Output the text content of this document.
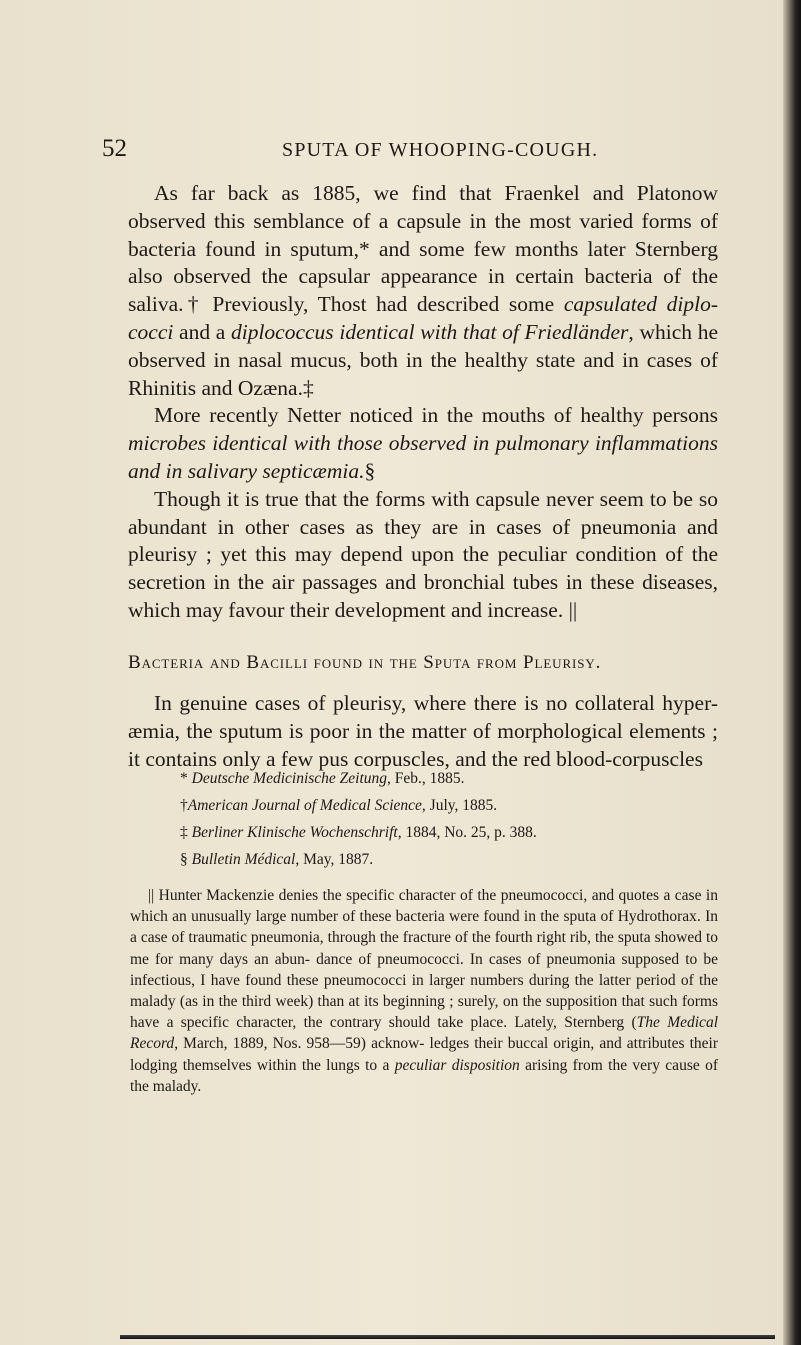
52	SPUTA OF WHOOPING-COUGH.

As far back as 1885, we find that Fraenkel and Platonow observed this semblance of a capsule in the most varied forms of bacteria found in sputum,* and some few months later Sternberg also observed the capsular appearance in certain bacteria of the saliva.† Previously, Thost had described some capsulated diplo- cocci and a diplococcus identical with that of Friedländer, which he observed in nasal mucus, both in the healthy state and in cases of Rhinitis and Ozæna.‡

More recently Netter noticed in the mouths of healthy persons microbes identical with those observed in pulmonary inflammations and in salivary septicæmia.§

Though it is true that the forms with capsule never seem to be so abundant in other cases as they are in cases of pneumonia and pleurisy ; yet this may depend upon the peculiar condition of the secretion in the air passages and bronchial tubes in these diseases, which may favour their development and increase. ||

Bacteria and Bacilli found in the Sputa from Pleurisy.

In genuine cases of pleurisy, where there is no collateral hyper- æmia, the sputum is poor in the matter of morphological elements ; it contains only a few pus corpuscles, and the red blood-corpuscles

* Deutsche Medicinische Zeitung, Feb., 1885.

†American Journal of Medical Science, July, 1885.

‡ Berliner Klinische Wochenschrift, 1884, No. 25, p. 388.

§ Bulletin Médical, May, 1887.

|| Hunter Mackenzie denies the specific character of the pneumococci, and quotes a case in which an unusually large number of these bacteria were found in the sputa of Hydrothorax. In a case of traumatic pneumonia, through the fracture of the fourth right rib, the sputa showed to me for many days an abun- dance of pneumococci. In cases of pneumonia supposed to be infectious, I have found these pneumococci in larger numbers during the latter period of the malady (as in the third week) than at its beginning ; surely, on the supposition that such forms have a specific character, the contrary should take place. Lately, Sternberg (The Medical Record, March, 1889, Nos. 958—59) acknow- ledges their buccal origin, and attributes their lodging themselves within the lungs to a peculiar disposition arising from the very cause of the malady.
